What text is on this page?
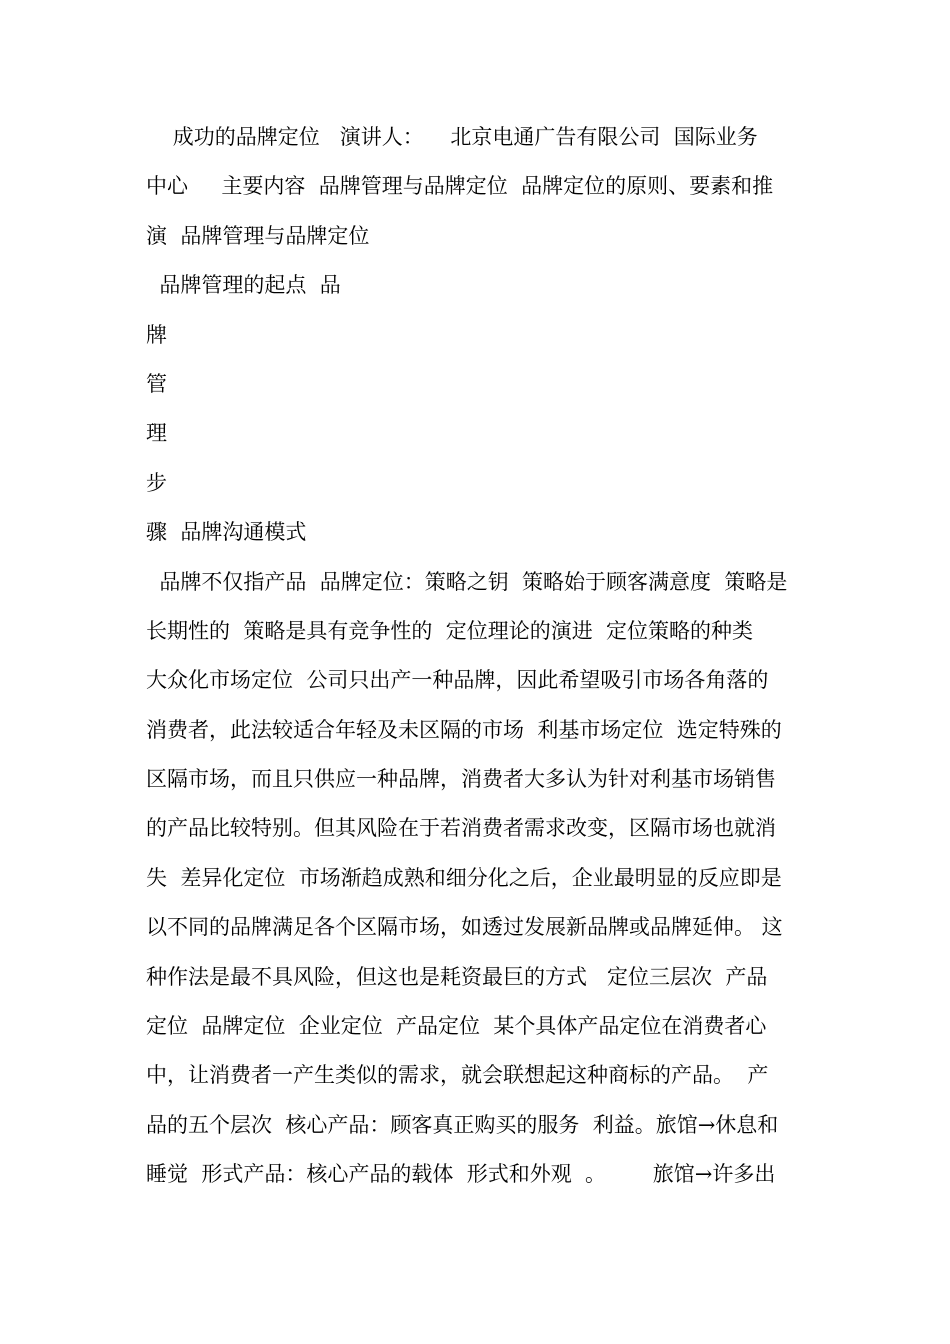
成功的品牌定位   演讲人：    北京电通广告有限公司  国际业务
中心     主要内容  品牌管理与品牌定位  品牌定位的原则、要素和推
演  品牌管理与品牌定位
品牌管理的起点  品
牌
管
理
步
骤  品牌沟通模式
品牌不仅指产品  品牌定位：策略之钥  策略始于顾客满意度  策略是
长期性的  策略是具有竞争性的  定位理论的演进  定位策略的种类
大众化市场定位  公司只出产一种品牌，因此希望吸引市场各角落的
消费者，此法较适合年轻及未区隔的市场  利基市场定位  选定特殊的
区隔市场，而且只供应一种品牌，消费者大多认为针对利基市场销售
的产品比较特别。但其风险在于若消费者需求改变，区隔市场也就消
失  差异化定位  市场渐趋成熟和细分化之后，企业最明显的反应即是
以不同的品牌满足各个区隔市场，如透过发展新品牌或品牌延伸。 这
种作法是最不具风险，但这也是耗资最巨的方式   定位三层次  产品
定位  品牌定位  企业定位  产品定位  某个具体产品定位在消费者心
中，让消费者一产生类似的需求，就会联想起这种商标的产品。  产
品的五个层次  核心产品：顾客真正购买的服务  利益。旅馆→休息和
睡觉  形式产品：核心产品的载体  形式和外观  。       旅馆→许多出
